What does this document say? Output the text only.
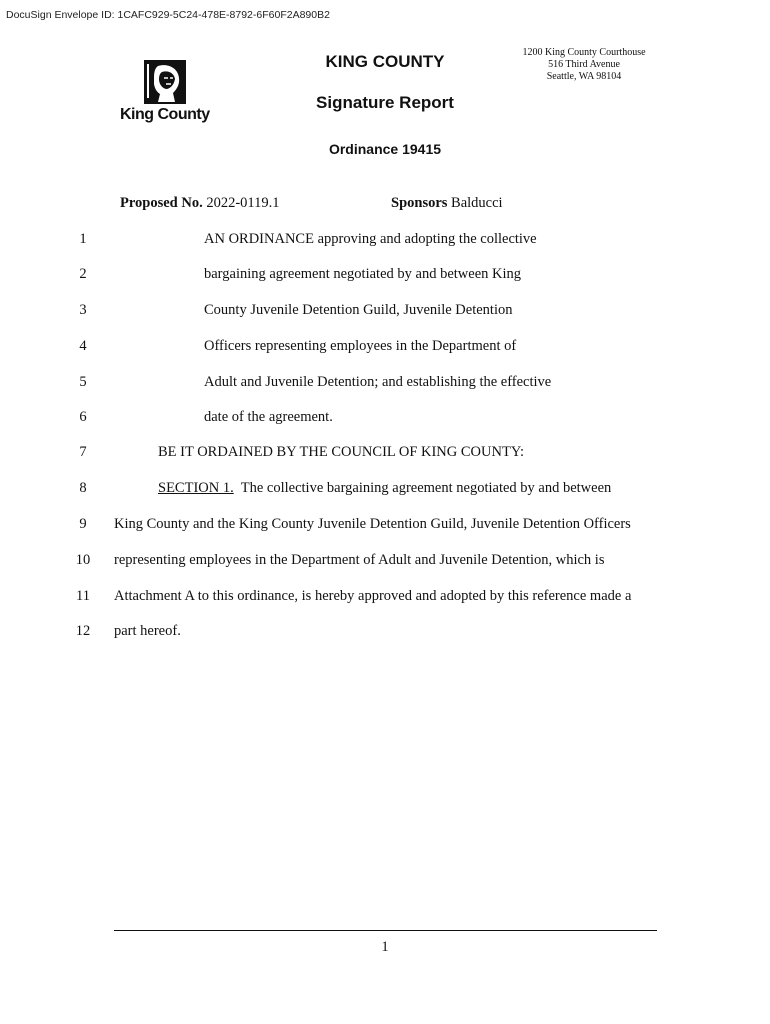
DocuSign Envelope ID: 1CAFC929-5C24-478E-8792-6F60F2A890B2
King County
KING COUNTY
Signature Report
Ordinance 19415
1200 King County Courthouse
516 Third Avenue
Seattle, WA 98104
Proposed No. 2022-0119.1	Sponsors Balducci
1	AN ORDINANCE approving and adopting the collective
2	bargaining agreement negotiated by and between King
3	County Juvenile Detention Guild, Juvenile Detention
4	Officers representing employees in the Department of
5	Adult and Juvenile Detention; and establishing the effective
6	date of the agreement.
7	BE IT ORDAINED BY THE COUNCIL OF KING COUNTY:
8	SECTION 1. The collective bargaining agreement negotiated by and between
9	King County and the King County Juvenile Detention Guild, Juvenile Detention Officers
10	representing employees in the Department of Adult and Juvenile Detention, which is
11	Attachment A to this ordinance, is hereby approved and adopted by this reference made a
12	part hereof.
1
